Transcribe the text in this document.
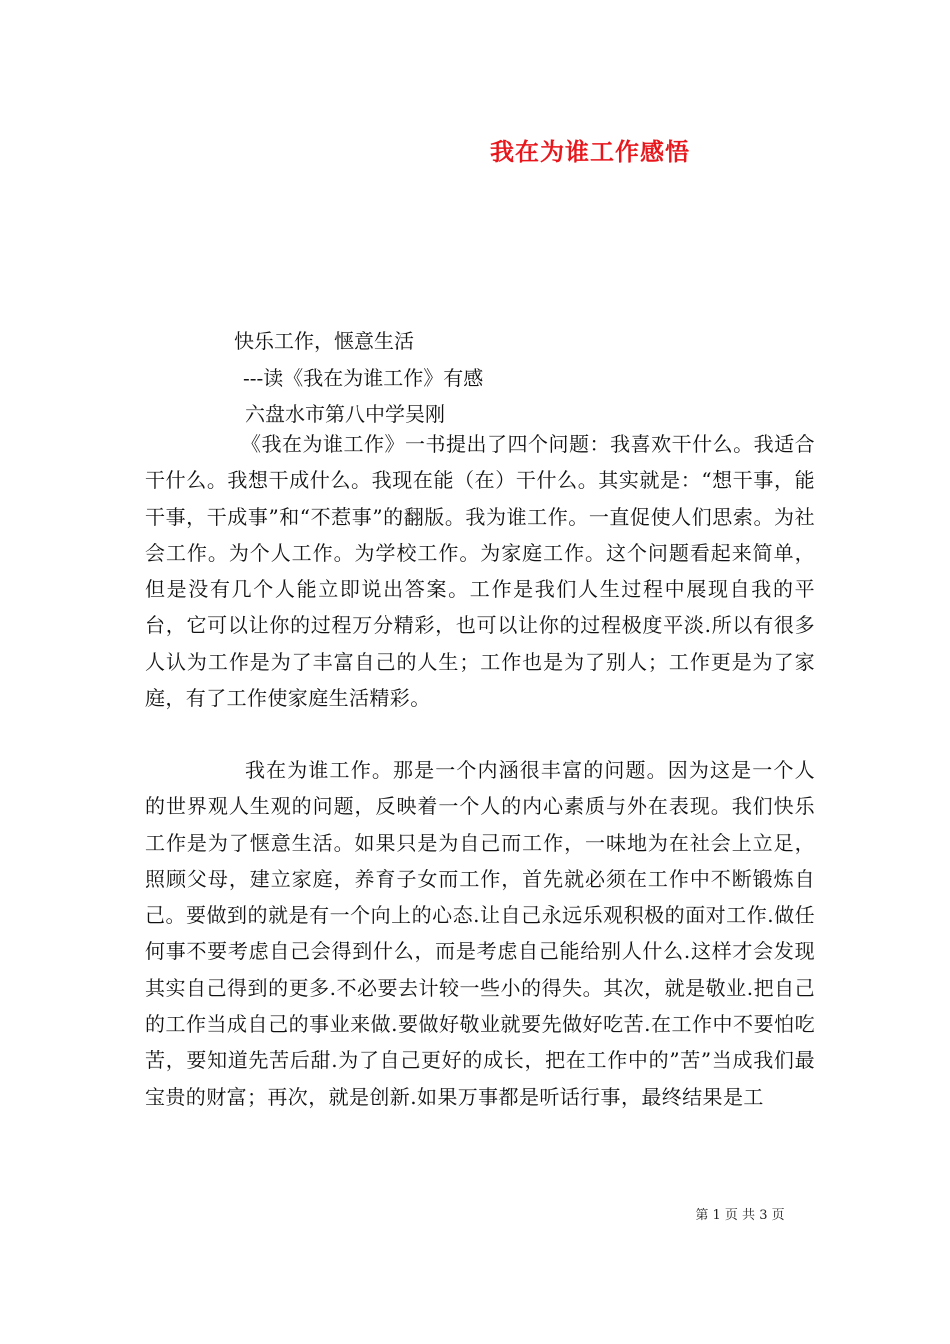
我在为谁工作感悟

快乐工作，惬意生活

---读《我在为谁工作》有感

六盘水市第八中学吴刚

《我在为谁工作》一书提出了四个问题：我喜欢干什么。我适合干什么。我想干成什么。我现在能（在）干什么。其实就是：“想干事，能干事，干成事”和“不惹事”的翻版。我为谁工作。一直促使人们思索。为社会工作。为个人工作。为学校工作。为家庭工作。这个问题看起来简单，但是没有几个人能立即说出答案。工作是我们人生过程中展现自我的平台，它可以让你的过程万分精彩，也可以让你的过程极度平淡.所以有很多人认为工作是为了丰富自己的人生；工作也是为了别人；工作更是为了家庭，有了工作使家庭生活精彩。

我在为谁工作。那是一个内涵很丰富的问题。因为这是一个人的世界观人生观的问题，反映着一个人的内心素质与外在表现。我们快乐工作是为了惬意生活。如果只是为自己而工作，一味地为在社会上立足，照顾父母，建立家庭，养育子女而工作，首先就必须在工作中不断锻炼自己。要做到的就是有一个向上的心态.让自己永远乐观积极的面对工作.做任何事不要考虑自己会得到什么，而是考虑自己能给别人什么.这样才会发现其实自己得到的更多.不必要去计较一些小的得失。其次，就是敬业.把自己的工作当成自己的事业来做.要做好敬业就要先做好吃苦.在工作中不要怕吃苦，要知道先苦后甜.为了自己更好的成长，把在工作中的”苦”当成我们最宝贵的财富；再次，就是创新.如果万事都是听话行事，最终结果是工

第 1 页 共 3 页
